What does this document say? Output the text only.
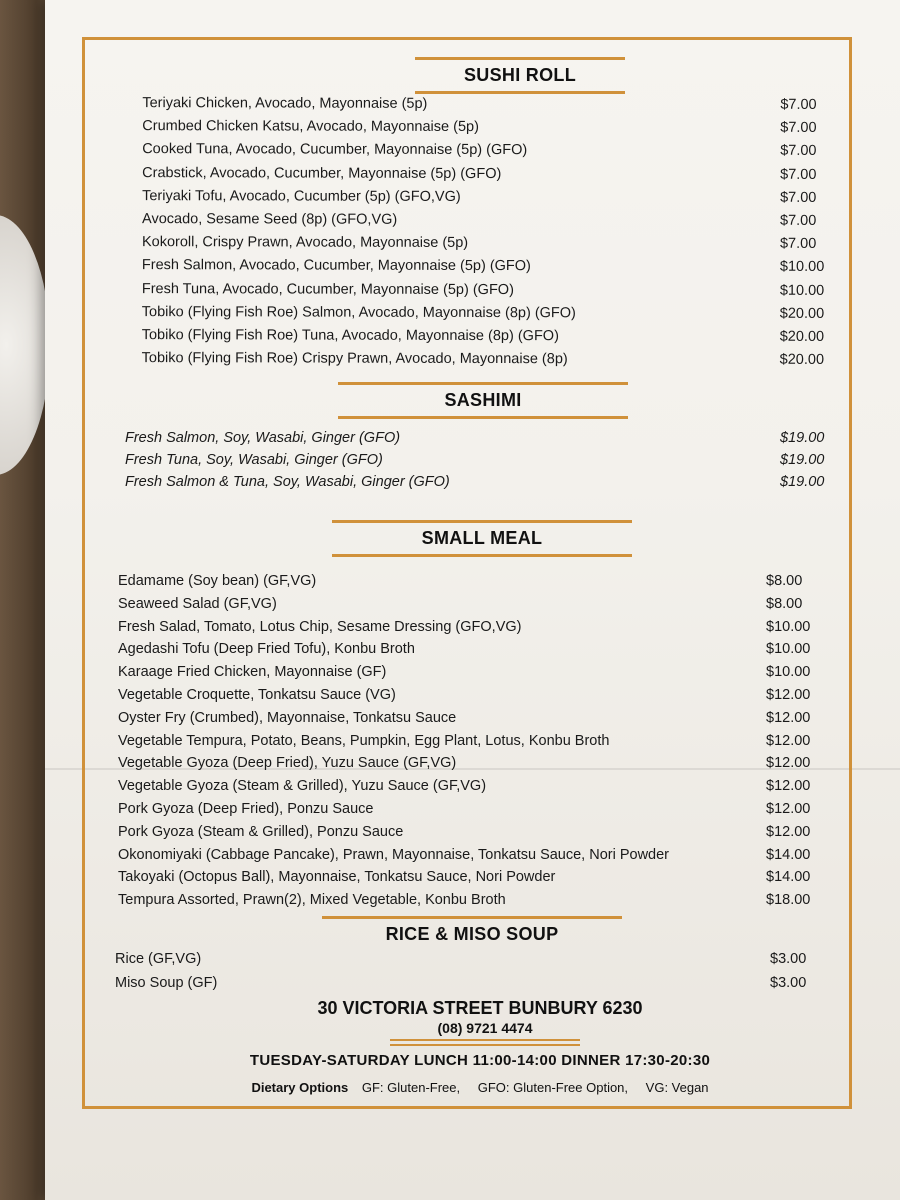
SUSHI ROLL
Teriyaki Chicken, Avocado, Mayonnaise (5p)	$7.00
Crumbed Chicken Katsu, Avocado, Mayonnaise (5p)	$7.00
Cooked Tuna, Avocado, Cucumber, Mayonnaise (5p) (GFO)	$7.00
Crabstick, Avocado, Cucumber, Mayonnaise (5p) (GFO)	$7.00
Teriyaki Tofu, Avocado, Cucumber (5p) (GFO,VG)	$7.00
Avocado, Sesame Seed (8p) (GFO,VG)	$7.00
Kokoroll, Crispy Prawn, Avocado, Mayonnaise (5p)	$7.00
Fresh Salmon, Avocado, Cucumber, Mayonnaise (5p) (GFO)	$10.00
Fresh Tuna, Avocado, Cucumber, Mayonnaise (5p) (GFO)	$10.00
Tobiko (Flying Fish Roe) Salmon, Avocado, Mayonnaise (8p) (GFO)	$20.00
Tobiko (Flying Fish Roe) Tuna, Avocado, Mayonnaise (8p) (GFO)	$20.00
Tobiko (Flying Fish Roe) Crispy Prawn, Avocado, Mayonnaise (8p)	$20.00
SASHIMI
Fresh Salmon, Soy, Wasabi, Ginger (GFO)	$19.00
Fresh Tuna, Soy, Wasabi, Ginger (GFO)	$19.00
Fresh Salmon & Tuna, Soy, Wasabi, Ginger (GFO)	$19.00
SMALL MEAL
Edamame (Soy bean) (GF,VG)	$8.00
Seaweed Salad (GF,VG)	$8.00
Fresh Salad, Tomato, Lotus Chip, Sesame Dressing (GFO,VG)	$10.00
Agedashi Tofu (Deep Fried Tofu), Konbu Broth	$10.00
Karaage Fried Chicken, Mayonnaise (GF)	$10.00
Vegetable Croquette, Tonkatsu Sauce (VG)	$12.00
Oyster Fry (Crumbed), Mayonnaise, Tonkatsu Sauce	$12.00
Vegetable Tempura, Potato, Beans, Pumpkin, Egg Plant, Lotus, Konbu Broth	$12.00
Vegetable Gyoza (Deep Fried), Yuzu Sauce (GF,VG)	$12.00
Vegetable Gyoza (Steam & Grilled), Yuzu Sauce (GF,VG)	$12.00
Pork Gyoza (Deep Fried), Ponzu Sauce	$12.00
Pork Gyoza (Steam & Grilled), Ponzu Sauce	$12.00
Okonomiyaki (Cabbage Pancake), Prawn, Mayonnaise, Tonkatsu Sauce, Nori Powder	$14.00
Takoyaki (Octopus Ball), Mayonnaise, Tonkatsu Sauce, Nori Powder	$14.00
Tempura Assorted, Prawn(2), Mixed Vegetable, Konbu Broth	$18.00
RICE & MISO SOUP
Rice (GF,VG)	$3.00
Miso Soup (GF)	$3.00
30 VICTORIA STREET BUNBURY 6230
(08) 9721 4474
TUESDAY-SATURDAY LUNCH 11:00-14:00 DINNER 17:30-20:30
Dietary Options GF: Gluten-Free, GFO: Gluten-Free Option, VG: Vegan
